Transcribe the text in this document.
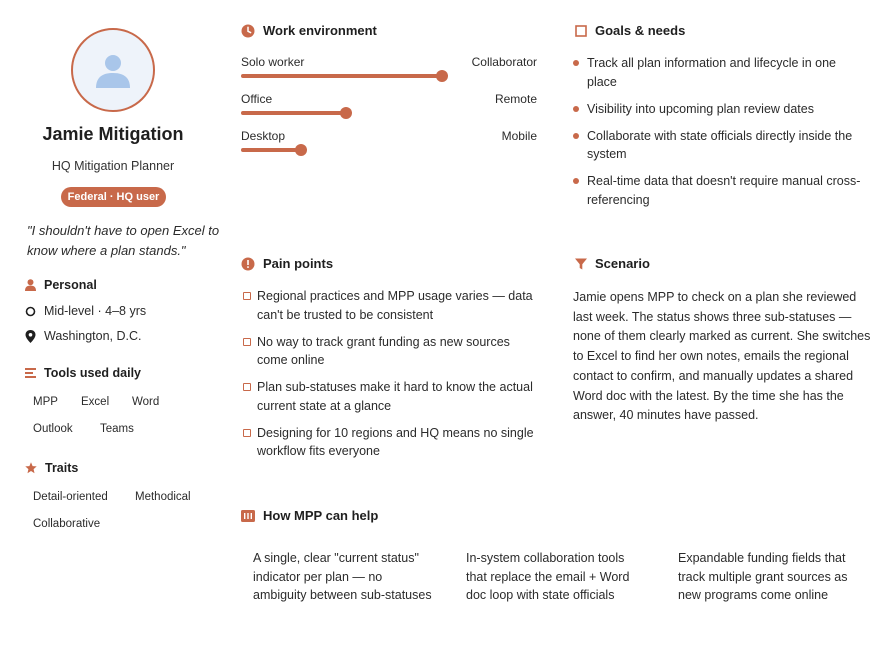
Jamie Mitigation
HQ Mitigation Planner
Federal · HQ user
"I shouldn't have to open Excel to know where a plan stands."
Personal
Mid-level · 4–8 yrs
Washington, D.C.
Tools used daily
MPP Excel Word
Outlook Teams
Traits
Detail-oriented Methodical
Collaborative
Work environment
Solo worker	Collaborator
Office	Remote
Desktop	Mobile
Goals & needs
Track all plan information and lifecycle in one place
Visibility into upcoming plan review dates
Collaborate with state officials directly inside the system
Real-time data that doesn't require manual cross-referencing
Pain points
Regional practices and MPP usage varies — data can't be trusted to be consistent
No way to track grant funding as new sources come online
Plan sub-statuses make it hard to know the actual current state at a glance
Designing for 10 regions and HQ means no single workflow fits everyone
Scenario

Jamie opens MPP to check on a plan she reviewed last week. The status shows three sub-statuses — none of them clearly marked as current. She switches to Excel to find her own notes, emails the regional contact to confirm, and manually updates a shared Word doc with the latest. By the time she has the answer, 40 minutes have passed.

How MPP can help

A single, clear "current status" indicator per plan — no ambiguity between sub-statuses

In-system collaboration tools that replace the email + Word doc loop with state officials

Expandable funding fields that track multiple grant sources as new programs come online
